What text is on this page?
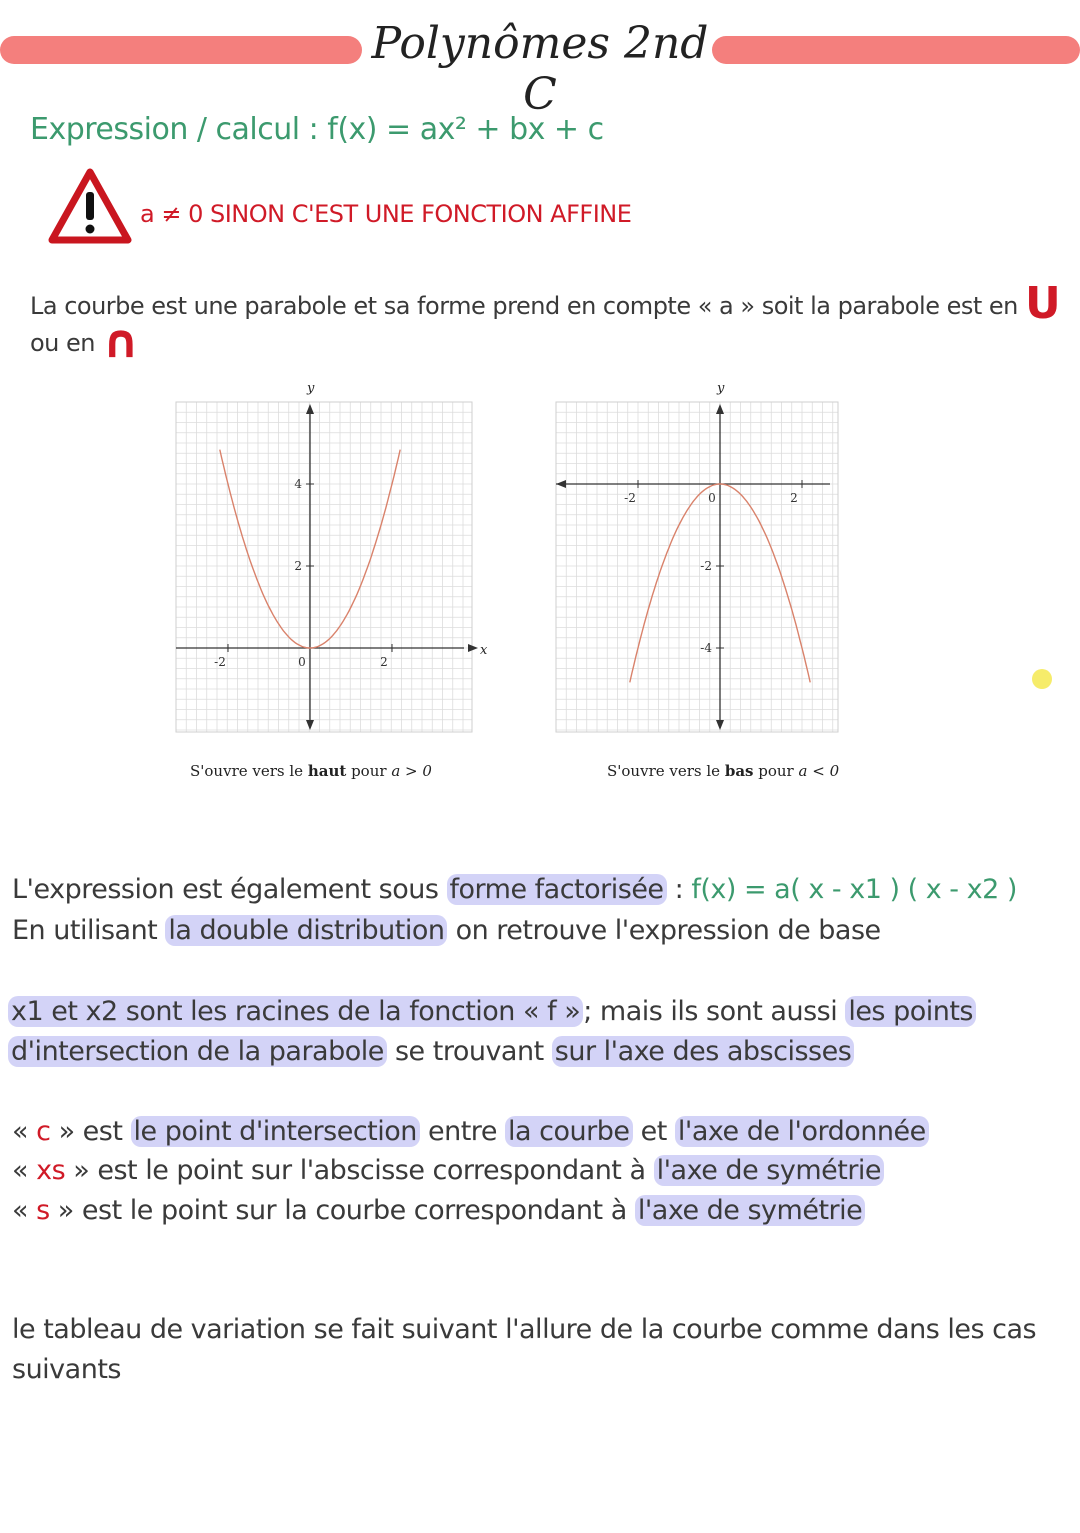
Polynômes 2nd C
Expression / calcul : f(x) = ax² + bx + c
a ≠ 0 SINON C'EST UNE FONCTION AFFINE
La courbe est une parabole et sa forme prend en compte « a » soit la parabole est en U
ou en ∩
y
x
-2	0	2
2
4
S'ouvre vers le haut pour a > 0
y
-2	0	2
-2
-4
S'ouvre vers le bas pour a < 0
L'expression est également sous forme factorisée : f(x) = a( x - x1 ) ( x - x2 )
En utilisant la double distribution on retrouve l'expression de base
x1 et x2 sont les racines de la fonction « f » ; mais ils sont aussi les points
d'intersection de la parabole se trouvant sur l'axe des abscisses
« c » est le point d'intersection entre la courbe et l'axe de l'ordonnée
« xs » est le point sur l'abscisse correspondant à l'axe de symétrie
« s » est le point sur la courbe correspondant à l'axe de symétrie
le tableau de variation se fait suivant l'allure de la courbe comme dans les cas
suivants
